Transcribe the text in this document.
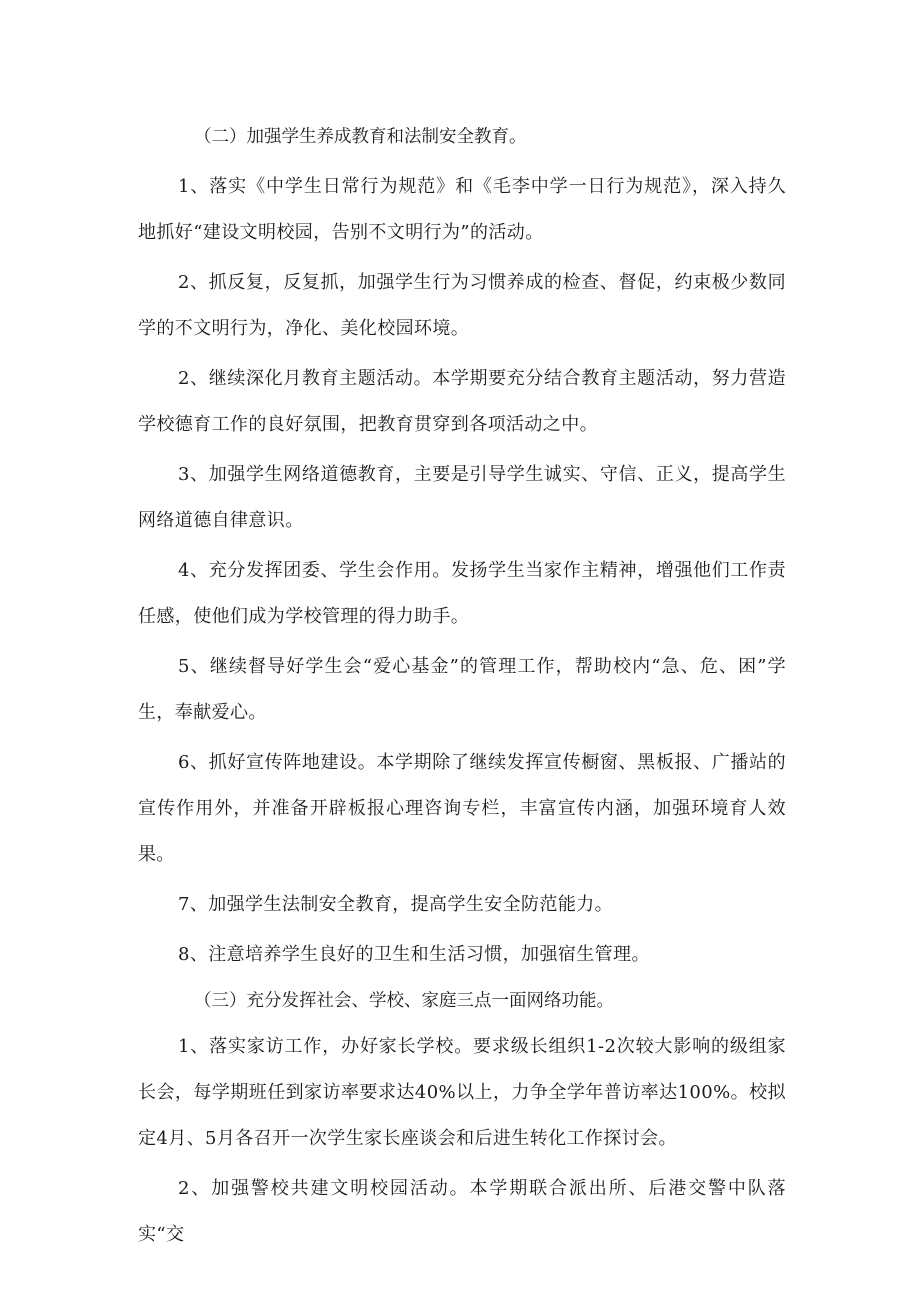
（二）加强学生养成教育和法制安全教育。

1、落实《中学生日常行为规范》和《毛李中学一日行为规范》，深入持久地抓好“建设文明校园，告别不文明行为”的活动。

2、抓反复，反复抓，加强学生行为习惯养成的检查、督促，约束极少数同学的不文明行为，净化、美化校园环境。

2、继续深化月教育主题活动。本学期要充分结合教育主题活动，努力营造学校德育工作的良好氛围，把教育贯穿到各项活动之中。

3、加强学生网络道德教育，主要是引导学生诚实、守信、正义，提高学生网络道德自律意识。

4、充分发挥团委、学生会作用。发扬学生当家作主精神，增强他们工作责任感，使他们成为学校管理的得力助手。

5、继续督导好学生会“爱心基金”的管理工作，帮助校内“急、危、困”学生，奉献爱心。

6、抓好宣传阵地建设。本学期除了继续发挥宣传橱窗、黑板报、广播站的宣传作用外，并准备开辟板报心理咨询专栏，丰富宣传内涵，加强环境育人效果。

7、加强学生法制安全教育，提高学生安全防范能力。

8、注意培养学生良好的卫生和生活习惯，加强宿生管理。

（三）充分发挥社会、学校、家庭三点一面网络功能。

1、落实家访工作，办好家长学校。要求级长组织1-2次较大影响的级组家长会，每学期班任到家访率要求达40%以上，力争全学年普访率达100%。校拟定4月、5月各召开一次学生家长座谈会和后进生转化工作探讨会。

2、加强警校共建文明校园活动。本学期联合派出所、后港交警中队落实“交
